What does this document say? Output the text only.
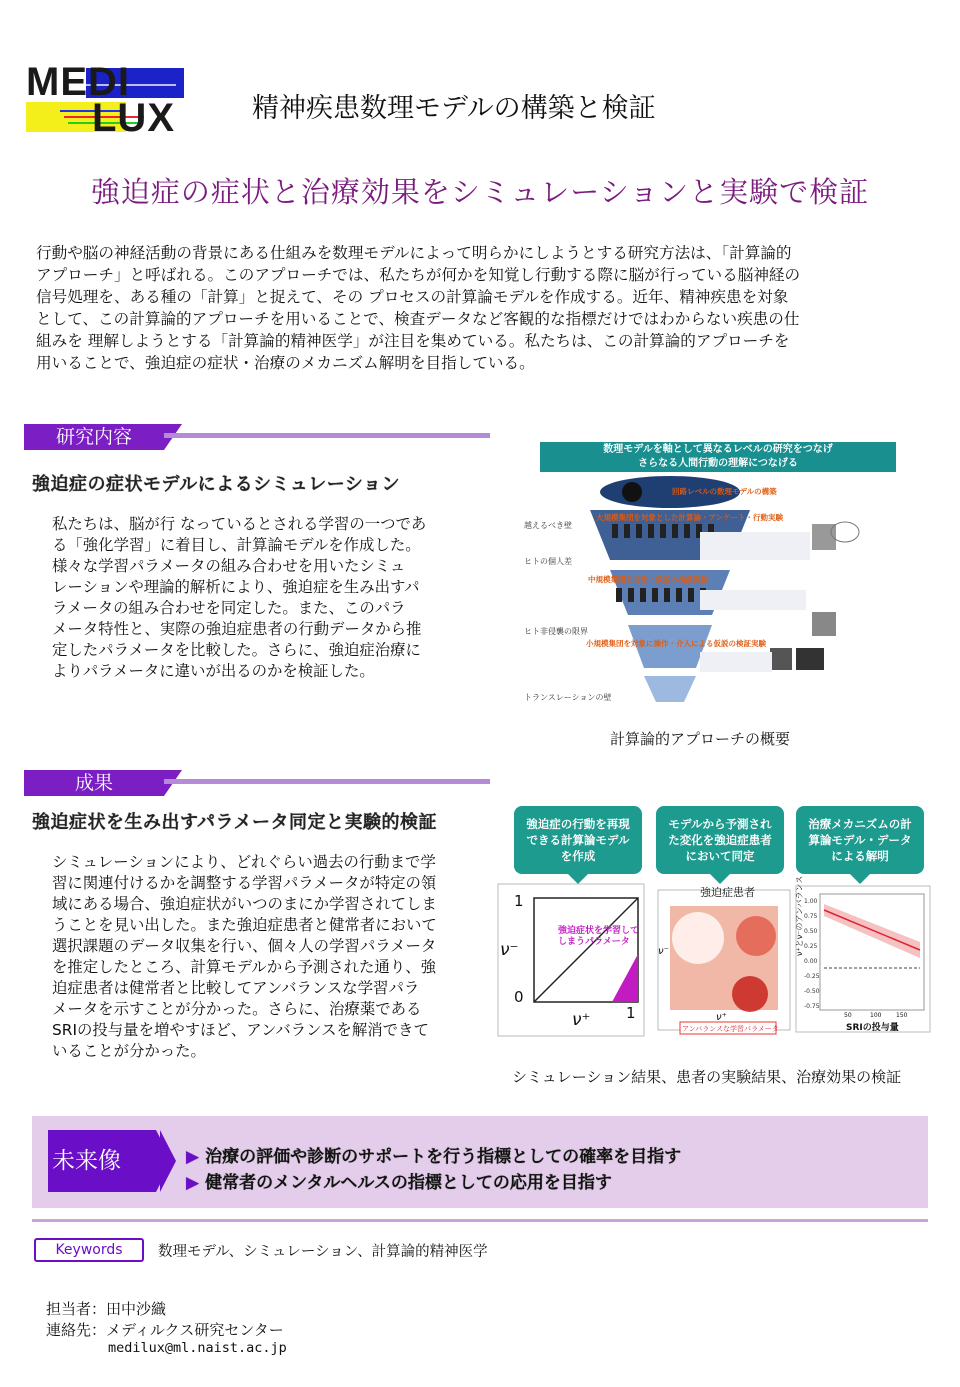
MEDI
LUX	精神疾患数理モデルの構築と検証
強迫症の症状と治療効果をシミュレーションと実験で検証
行動や脳の神経活動の背景にある仕組みを数理モデルによって明らかにしようとする研究方法は、「計算論的
アプローチ」と呼ばれる。このアプローチでは、私たちが何かを知覚し行動する際に脳が行っている脳神経の
信号処理を、ある種の「計算」と捉えて、その プロセスの計算論モデルを作成する。近年、精神疾患を対象
として、この計算論的アプローチを用いることで、検査データなど客観的な指標だけではわからない疾患の仕
組みを 理解しようとする「計算論的精神医学」が注目を集めている。私たちは、この計算論的アプローチを
用いることで、強迫症の症状・治療のメカニズム解明を目指している。
研究内容
強迫症の症状モデルによるシミュレーション
私たちは、脳が行 なっているとされる学習の一つであ
る「強化学習」に着目し、計算論モデルを作成した。
様々な学習パラメータの組み合わせを用いたシミュ
レーションや理論的解析により、強迫症を生み出すパ
ラメータの組み合わせを同定した。また、このパラ
メータ特性と、実際の強迫症患者の行動データから推
定したパラメータを比較した。さらに、強迫症治療に
よりパラメータに違いが出るのかを検証した。
数理モデルを軸として異なるレベルの研究をつなげ
さらなる人間行動の理解につなげる
越えるべき壁
ヒトの個人差
ヒト非侵襲の限界
トランスレーションの壁
回路レベルの数理モデルの構築
大規模集団を対象とした計算論・アンケート・行動実験
中規模集団を対象に仮説の検証実験
小規模集団を対象に操作・介入による仮説の検証実験
計算論的アプローチの概要
成果
強迫症状を生み出すパラメータ同定と実験的検証
シミュレーションにより、どれぐらい過去の行動まで学
習に関連付けるかを調整する学習パラメータが特定の領
域にある場合、強迫症状がいつのまにか学習されてしま
うことを見い出した。また強迫症患者と健常者において
選択課題のデータ収集を行い、個々人の学習パラメータ
を推定したところ、計算モデルから予測された通り、強
迫症患者は健常者と比較してアンバランスな学習パラ
メータを示すことが分かった。さらに、治療薬である
SRIの投与量を増やすほど、アンバランスを解消できて
いることが分かった。
強迫症の行動を再現
できる計算論モデル
を作成
モデルから予測され
た変化を強迫症患者
において同定
治療メカニズムの計
算論モデル・データ
による解明
1
0
1
ν⁻
ν⁺
強迫症状を学習して
しまうパラメータ
強迫症患者
ν⁺
ν⁻
アンバランスな学習パラメータ
ν⁺とν⁻のアンバランス 1.00
0.75
0.50
0.25
0.00
-0.25
-0.50
-0.75
50	100 150
SRIの投与量
シミュレーション結果、患者の実験結果、治療効果の検証
未来像	▶ 治療の評価や診断のサポートを行う指標としての確率を目指す
▶ 健常者のメンタルヘルスの指標としての応用を目指す
Keywords	数理モデル、シミュレーション、計算論的精神医学
担当者：田中沙織
連絡先：メディルクス研究センター
medilux@ml.naist.ac.jp
